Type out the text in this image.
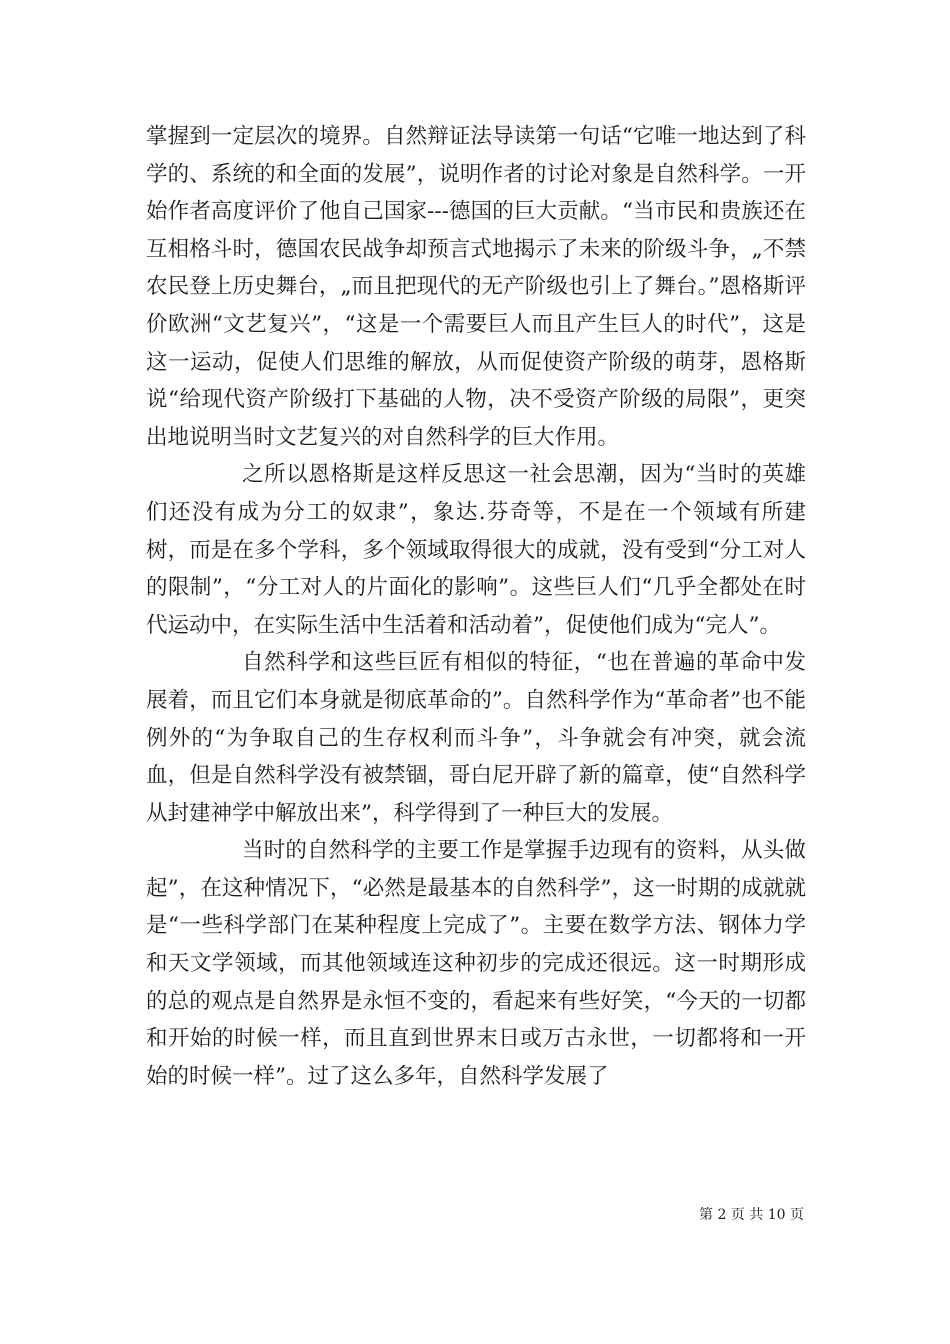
掌握到一定层次的境界。自然辩证法导读第一句话“它唯一地达到了科学的、系统的和全面的发展”，说明作者的讨论对象是自然科学。一开始作者高度评价了他自己国家---德国的巨大贡献。“当市民和贵族还在互相格斗时，德国农民战争却预言式地揭示了未来的阶级斗争，„不禁农民登上历史舞台，„而且把现代的无产阶级也引上了舞台。”恩格斯评价欧洲“文艺复兴”，“这是一个需要巨人而且产生巨人的时代”，这是这一运动，促使人们思维的解放，从而促使资产阶级的萌芽，恩格斯说“给现代资产阶级打下基础的人物，决不受资产阶级的局限”，更突出地说明当时文艺复兴的对自然科学的巨大作用。

之所以恩格斯是这样反思这一社会思潮，因为“当时的英雄们还没有成为分工的奴隶”，象达.芬奇等，不是在一个领域有所建树，而是在多个学科，多个领域取得很大的成就，没有受到“分工对人的限制”，“分工对人的片面化的影响”。这些巨人们“几乎全都处在时代运动中，在实际生活中生活着和活动着”，促使他们成为“完人”。

自然科学和这些巨匠有相似的特征，“也在普遍的革命中发展着，而且它们本身就是彻底革命的”。自然科学作为“革命者”也不能例外的“为争取自己的生存权利而斗争”，斗争就会有冲突，就会流血，但是自然科学没有被禁锢，哥白尼开辟了新的篇章，使“自然科学从封建神学中解放出来”，科学得到了一种巨大的发展。

当时的自然科学的主要工作是掌握手边现有的资料，从头做起”，在这种情况下，“必然是最基本的自然科学”，这一时期的成就就是“一些科学部门在某种程度上完成了”。主要在数学方法、钢体力学和天文学领域，而其他领域连这种初步的完成还很远。这一时期形成的总的观点是自然界是永恒不变的，看起来有些好笑，“今天的一切都和开始的时候一样，而且直到世界末日或万古永世，一切都将和一开始的时候一样”。过了这么多年，自然科学发展了

第 2 页 共 10 页
